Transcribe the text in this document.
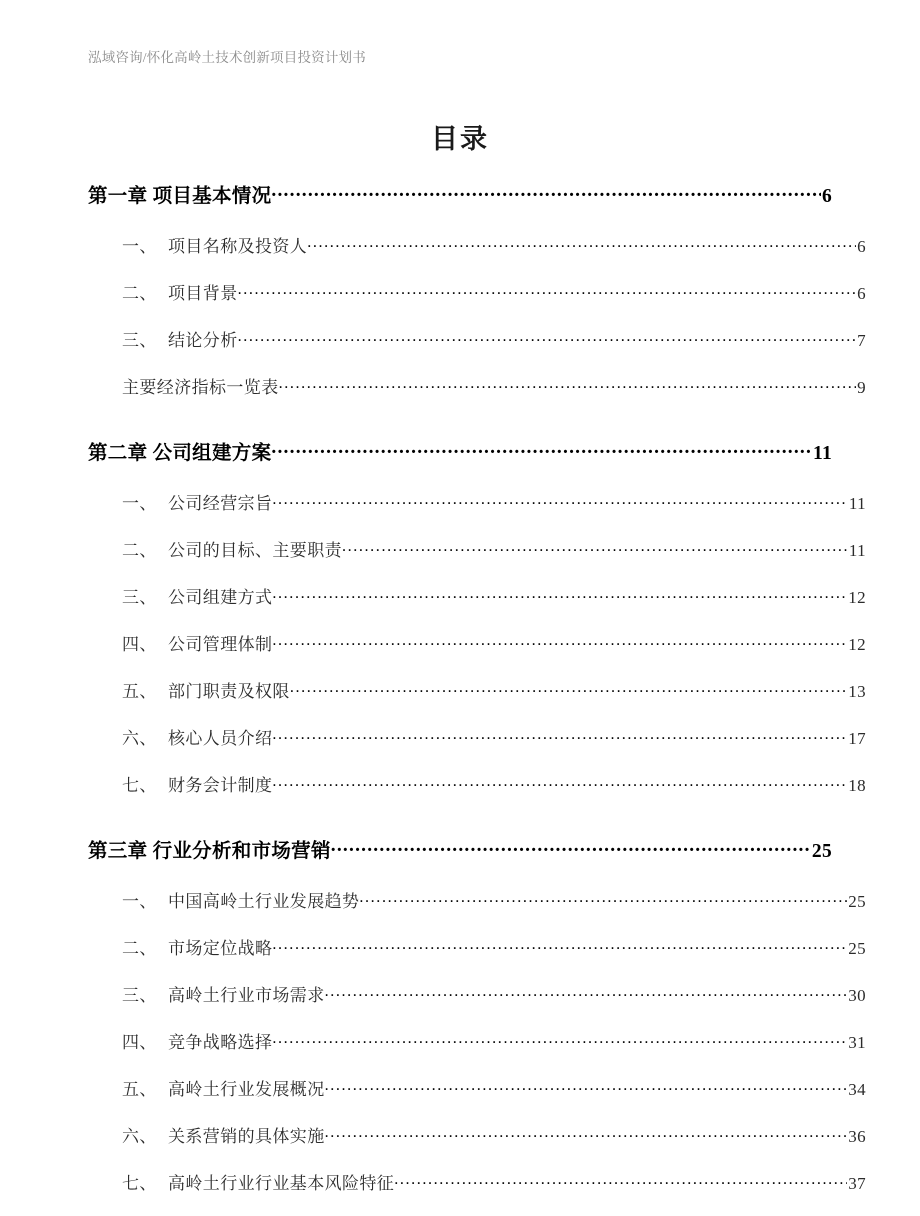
泓域咨询/怀化高岭土技术创新项目投资计划书
目录
第一章 项目基本情况 .....	6
一、 项目名称及投资人 .....	6
二、 项目背景 .....	6
三、 结论分析 .....	7
主要经济指标一览表 .....	9
第二章 公司组建方案 .....	11
一、 公司经营宗旨 .....	11
二、 公司的目标、主要职责 .....	11
三、 公司组建方式 .....	12
四、 公司管理体制 .....	12
五、 部门职责及权限 .....	13
六、 核心人员介绍 .....	17
七、 财务会计制度 .....	18
第三章 行业分析和市场营销 .....	25
一、 中国高岭土行业发展趋势 .....	25
二、 市场定位战略 .....	25
三、 高岭土行业市场需求 .....	30
四、 竞争战略选择 .....	31
五、 高岭土行业发展概况 .....	34
六、 关系营销的具体实施 .....	36
七、 高岭土行业行业基本风险特征 .....	37
